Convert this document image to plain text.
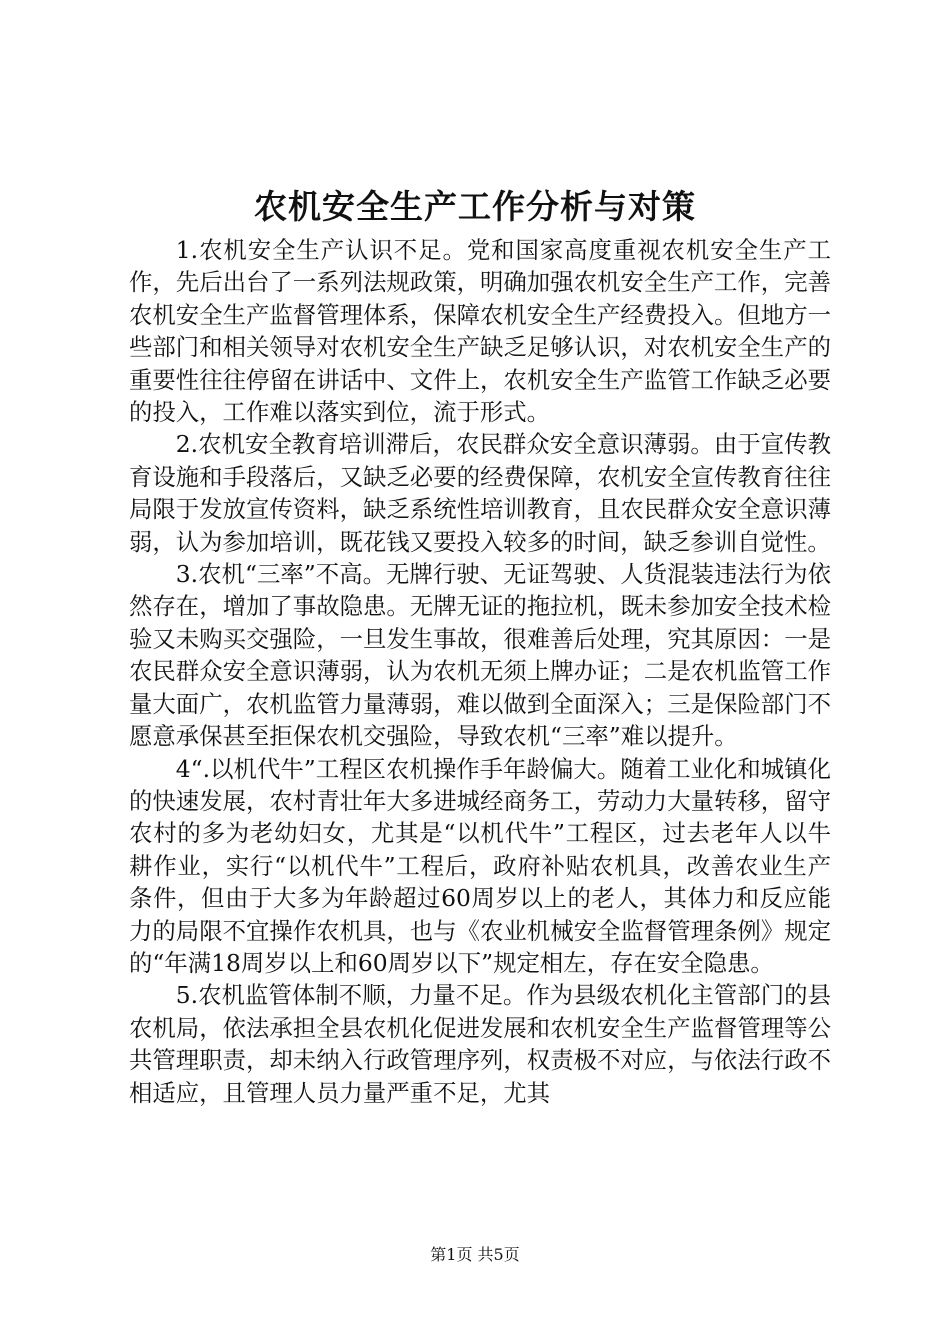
农机安全生产工作分析与对策

1.农机安全生产认识不足。党和国家高度重视农机安全生产工作，先后出台了一系列法规政策，明确加强农机安全生产工作，完善农机安全生产监督管理体系，保障农机安全生产经费投入。但地方一些部门和相关领导对农机安全生产缺乏足够认识，对农机安全生产的重要性往往停留在讲话中、文件上，农机安全生产监管工作缺乏必要的投入，工作难以落实到位，流于形式。

2.农机安全教育培训滞后，农民群众安全意识薄弱。由于宣传教育设施和手段落后，又缺乏必要的经费保障，农机安全宣传教育往往局限于发放宣传资料，缺乏系统性培训教育，且农民群众安全意识薄弱，认为参加培训，既花钱又要投入较多的时间，缺乏参训自觉性。

3.农机“三率”不高。无牌行驶、无证驾驶、人货混装违法行为依然存在，增加了事故隐患。无牌无证的拖拉机，既未参加安全技术检验又未购买交强险，一旦发生事故，很难善后处理，究其原因：一是农民群众安全意识薄弱，认为农机无须上牌办证；二是农机监管工作量大面广，农机监管力量薄弱，难以做到全面深入；三是保险部门不愿意承保甚至拒保农机交强险，导致农机“三率”难以提升。

4“.以机代牛”工程区农机操作手年龄偏大。随着工业化和城镇化的快速发展，农村青壮年大多进城经商务工，劳动力大量转移，留守农村的多为老幼妇女，尤其是“以机代牛”工程区，过去老年人以牛耕作业，实行“以机代牛”工程后，政府补贴农机具，改善农业生产条件，但由于大多为年龄超过60周岁以上的老人，其体力和反应能力的局限不宜操作农机具，也与《农业机械安全监督管理条例》规定的“年满18周岁以上和60周岁以下”规定相左，存在安全隐患。

5.农机监管体制不顺，力量不足。作为县级农机化主管部门的县农机局，依法承担全县农机化促进发展和农机安全生产监督管理等公共管理职责，却未纳入行政管理序列，权责极不对应，与依法行政不相适应，且管理人员力量严重不足，尤其

第1页 共5页
